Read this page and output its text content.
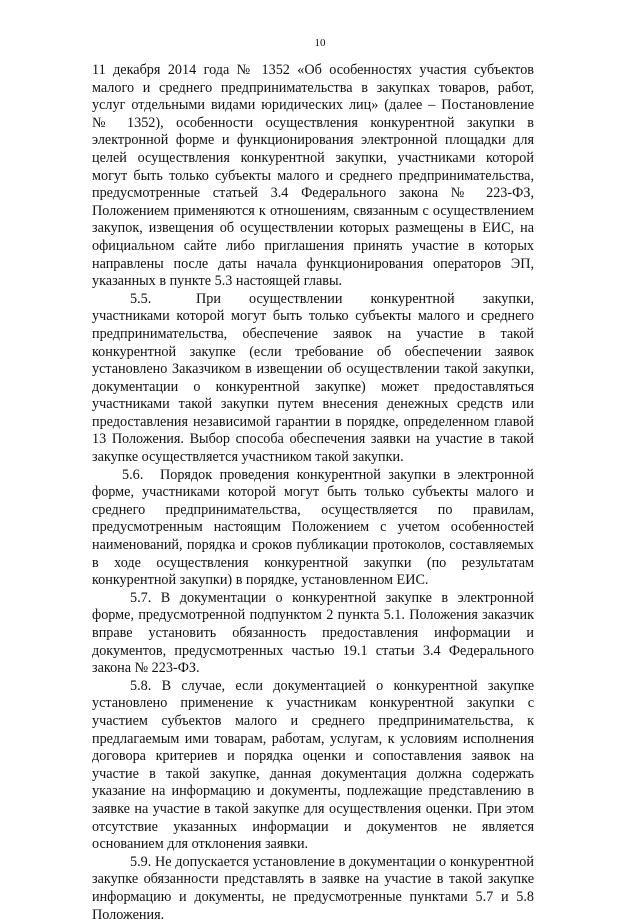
10

11 декабря 2014 года № 1352 «Об особенностях участия субъектов малого и среднего предпринимательства в закупках товаров, работ, услуг отдельными видами юридических лиц» (далее – Постановление № 1352), особенности осуществления конкурентной закупки в электронной форме и функционирования электронной площадки для целей осуществления конкурентной закупки, участниками которой могут быть только субъекты малого и среднего предпринимательства, предусмотренные статьей 3.4 Федерального закона № 223-ФЗ, Положением применяются к отношениям, связанным с осуществлением закупок, извещения об осуществлении которых размещены в ЕИС, на официальном сайте либо приглашения принять участие в которых направлены после даты начала функционирования операторов ЭП, указанных в пункте 5.3 настоящей главы.

5.5.	При осуществлении конкурентной закупки, участниками которой могут быть только субъекты малого и среднего предпринимательства, обеспечение заявок на участие в такой конкурентной закупке (если требование об обеспечении заявок установлено Заказчиком в извещении об осуществлении такой закупки, документации о конкурентной закупке) может предоставляться участниками такой закупки путем внесения денежных средств или предоставления независимой гарантии в порядке, определенном главой 13 Положения. Выбор способа обеспечения заявки на участие в такой закупке осуществляется участником такой закупки.

5.6. Порядок проведения конкурентной закупки в электронной форме, участниками которой могут быть только субъекты малого и среднего предпринимательства, осуществляется по правилам, предусмотренным настоящим Положением с учетом особенностей наименований, порядка и сроков публикации протоколов, составляемых в ходе осуществления конкурентной закупки (по результатам конкурентной закупки) в порядке, установленном ЕИС.

5.7. В документации о конкурентной закупке в электронной форме, предусмотренной подпунктом 2 пункта 5.1. Положения заказчик вправе установить обязанность предоставления информации и документов, предусмотренных частью 19.1 статьи 3.4 Федерального закона № 223-ФЗ.

5.8. В случае, если документацией о конкурентной закупке установлено применение к участникам конкурентной закупки с участием субъектов малого и среднего предпринимательства, к предлагаемым ими товарам, работам, услугам, к условиям исполнения договора критериев и порядка оценки и сопоставления заявок на участие в такой закупке, данная документация должна содержать указание на информацию и документы, подлежащие представлению в заявке на участие в такой закупке для осуществления оценки. При этом отсутствие указанных информации и документов не является основанием для отклонения заявки.

5.9. Не допускается установление в документации о конкурентной закупке обязанности представлять в заявке на участие в такой закупке информацию и документы, не предусмотренные пунктами 5.7 и 5.8 Положения.
